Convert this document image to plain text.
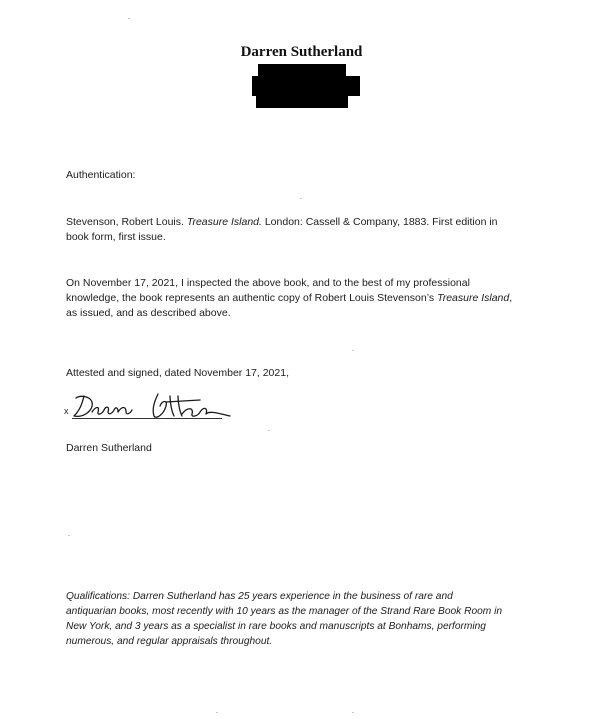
Darren Sutherland
Authentication:
Stevenson, Robert Louis. Treasure Island. London: Cassell & Company, 1883. First edition in
book form, first issue.
On November 17, 2021, I inspected the above book, and to the best of my professional
knowledge, the book represents an authentic copy of Robert Louis Stevenson’s Treasure Island,
as issued, and as described above.
Attested and signed, dated November 17, 2021,
x
Darren Sutherland
Qualifications: Darren Sutherland has 25 years experience in the business of rare and
antiquarian books, most recently with 10 years as the manager of the Strand Rare Book Room in
New York, and 3 years as a specialist in rare books and manuscripts at Bonhams, performing
numerous, and regular appraisals throughout.
